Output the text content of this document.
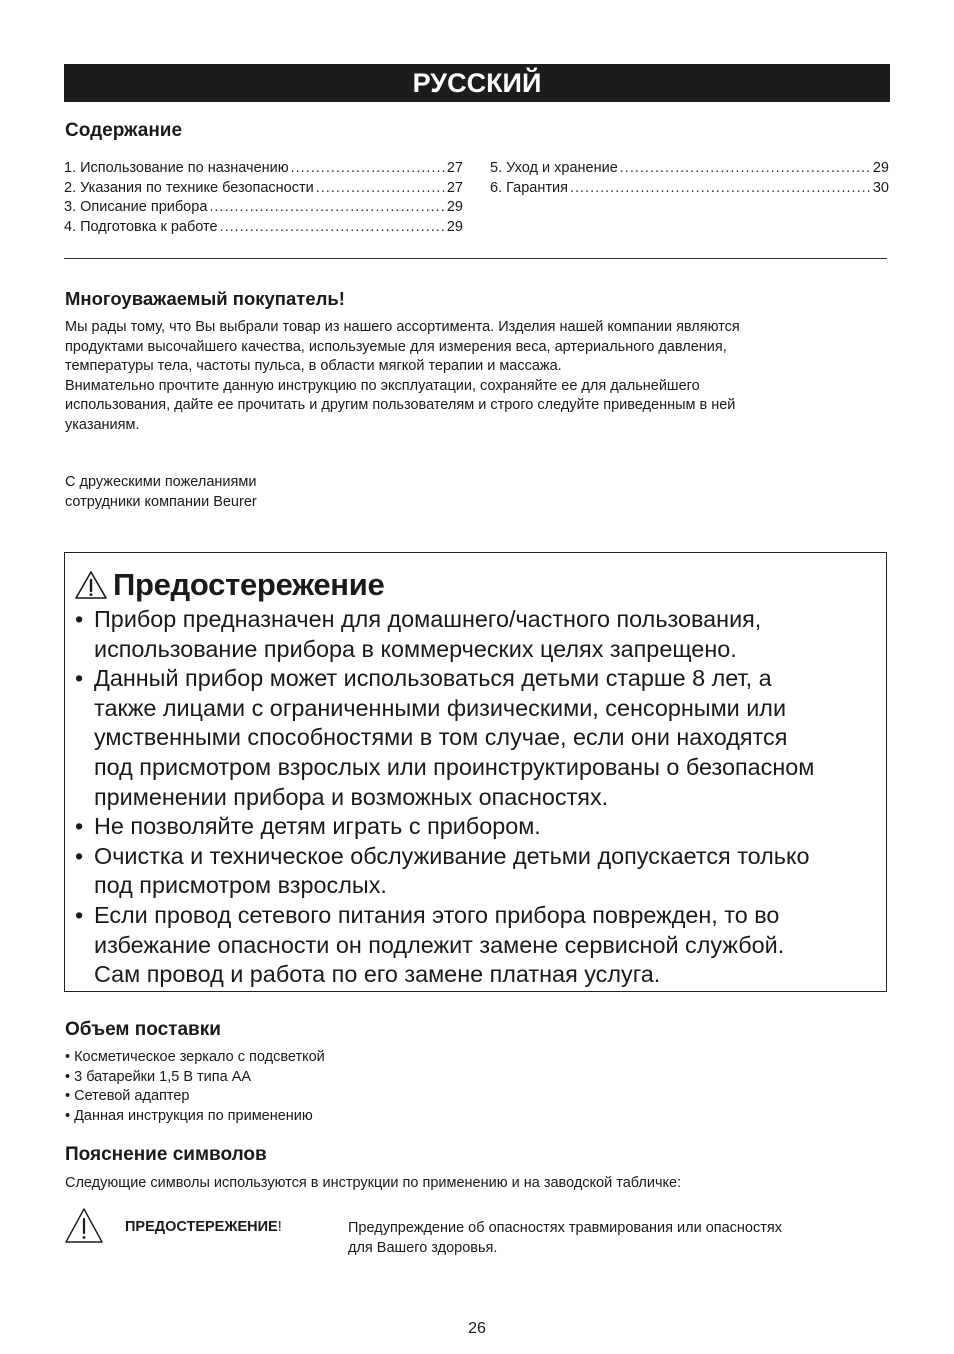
РУССКИЙ
Содержание
1. Использование по назначению .....	27
2. Указания по технике безопасности .....	27
3. Описание прибора .....	29
4. Подготовка к работе .....	29
5. Уход и хранение .....	29
6. Гарантия .....	30
Многоуважаемый покупатель!
Мы рады тому, что Вы выбрали товар из нашего ассортимента. Изделия нашей компании являются
продуктами высочайшего качества, используемые для измерения веса, артериального давления,
температуры тела, частоты пульса, в области мягкой терапии и массажа.
Внимательно прочтите данную инструкцию по эксплуатации, сохраняйте ее для дальнейшего
использования, дайте ее прочитать и другим пользователям и строго следуйте приведенным в ней
указаниям.
С дружескими пожеланиями
сотрудники компании Beurer
Предостережение
• Прибор предназначен для домашнего/частного пользования,
использование прибора в коммерческих целях запрещено.
• Данный прибор может использоваться детьми старше 8 лет, а
также лицами с ограниченными физическими, сенсорными или
умственными способностями в том случае, если они находятся
под присмотром взрослых или проинструктированы о безопасном
применении прибора и возможных опасностях.
• Не позволяйте детям играть с прибором.
• Очистка и техническое обслуживание детьми допускается только
под присмотром взрослых.
• Если провод сетевого питания этого прибора поврежден, то во
избежание опасности он подлежит замене сервисной службой.
Сам провод и работа по его замене платная услуга.
Объем поставки
• Косметическое зеркало с подсветкой
• 3 батарейки 1,5 В типа AA
• Сетевой адаптер
• Данная инструкция по применению
Пояснение символов
Следующие символы используются в инструкции по применению и на заводской табличке:
ПРЕДОСТЕРЕЖЕНИЕ!	Предупреждение об опасностях травмирования или опасностях
для Вашего здоровья.
26
